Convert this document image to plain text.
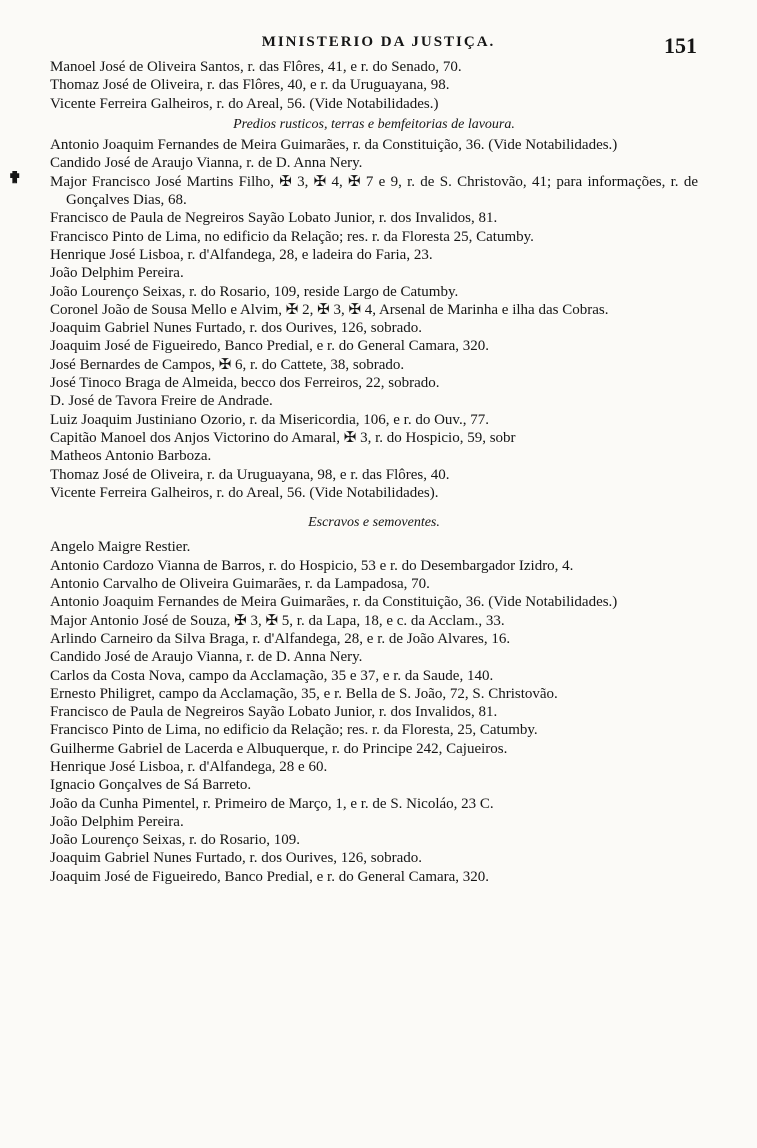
MINISTERIO DA JUSTIÇA.	151
✟

Manoel José de Oliveira Santos, r. das Flôres, 41, e r. do Senado, 70.

Thomaz José de Oliveira, r. das Flôres, 40, e r. da Uruguayana, 98.

Vicente Ferreira Galheiros, r. do Areal, 56. (Vide Notabilidades.)

Predios rusticos, terras e bemfeitorias de lavoura.

Antonio Joaquim Fernandes de Meira Guimarães, r. da Constituição, 36. (Vide Notabilidades.)

Candido José de Araujo Vianna, r. de D. Anna Nery.

Major Francisco José Martins Filho, ✠ 3, ✠ 4, ✠ 7 e 9, r. de S. Christovão, 41; para informações, r. de Gonçalves Dias, 68.

Francisco de Paula de Negreiros Sayão Lobato Junior, r. dos Invalidos, 81.

Francisco Pinto de Lima, no edificio da Relação; res. r. da Floresta 25, Catumby.

Henrique José Lisboa, r. d'Alfandega, 28, e ladeira do Faria, 23.

João Delphim Pereira.

João Lourenço Seixas, r. do Rosario, 109, reside Largo de Catumby.

Coronel João de Sousa Mello e Alvim, ✠ 2, ✠ 3, ✠ 4, Arsenal de Marinha e ilha das Cobras.

Joaquim Gabriel Nunes Furtado, r. dos Ourives, 126, sobrado.

Joaquim José de Figueiredo, Banco Predial, e r. do General Camara, 320.

José Bernardes de Campos, ✠ 6, r. do Cattete, 38, sobrado.

José Tinoco Braga de Almeida, becco dos Ferreiros, 22, sobrado.

D. José de Tavora Freire de Andrade.

Luiz Joaquim Justiniano Ozorio, r. da Misericordia, 106, e r. do Ouv., 77.

Capitão Manoel dos Anjos Victorino do Amaral, ✠ 3, r. do Hospicio, 59, sobr

Matheos Antonio Barboza.

Thomaz José de Oliveira, r. da Uruguayana, 98, e r. das Flôres, 40.

Vicente Ferreira Galheiros, r. do Areal, 56. (Vide Notabilidades).

Escravos e semoventes.

Angelo Maigre Restier.

Antonio Cardozo Vianna de Barros, r. do Hospicio, 53 e r. do Desembargador Izidro, 4.

Antonio Carvalho de Oliveira Guimarães, r. da Lampadosa, 70.

Antonio Joaquim Fernandes de Meira Guimarães, r. da Constituição, 36. (Vide Notabilidades.)

Major Antonio José de Souza, ✠ 3, ✠ 5, r. da Lapa, 18, e c. da Acclam., 33.

Arlindo Carneiro da Silva Braga, r. d'Alfandega, 28, e r. de João Alvares, 16.

Candido José de Araujo Vianna, r. de D. Anna Nery.

Carlos da Costa Nova, campo da Acclamação, 35 e 37, e r. da Saude, 140.

Ernesto Philigret, campo da Acclamação, 35, e r. Bella de S. João, 72, S. Christovão.

Francisco de Paula de Negreiros Sayão Lobato Junior, r. dos Invalidos, 81.

Francisco Pinto de Lima, no edificio da Relação; res. r. da Floresta, 25, Catumby.

Guilherme Gabriel de Lacerda e Albuquerque, r. do Principe 242, Cajueiros.

Henrique José Lisboa, r. d'Alfandega, 28 e 60.

Ignacio Gonçalves de Sá Barreto.

João da Cunha Pimentel, r. Primeiro de Março, 1, e r. de S. Nicoláo, 23 C.

João Delphim Pereira.

João Lourenço Seixas, r. do Rosario, 109.

Joaquim Gabriel Nunes Furtado, r. dos Ourives, 126, sobrado.

Joaquim José de Figueiredo, Banco Predial, e r. do General Camara, 320.
